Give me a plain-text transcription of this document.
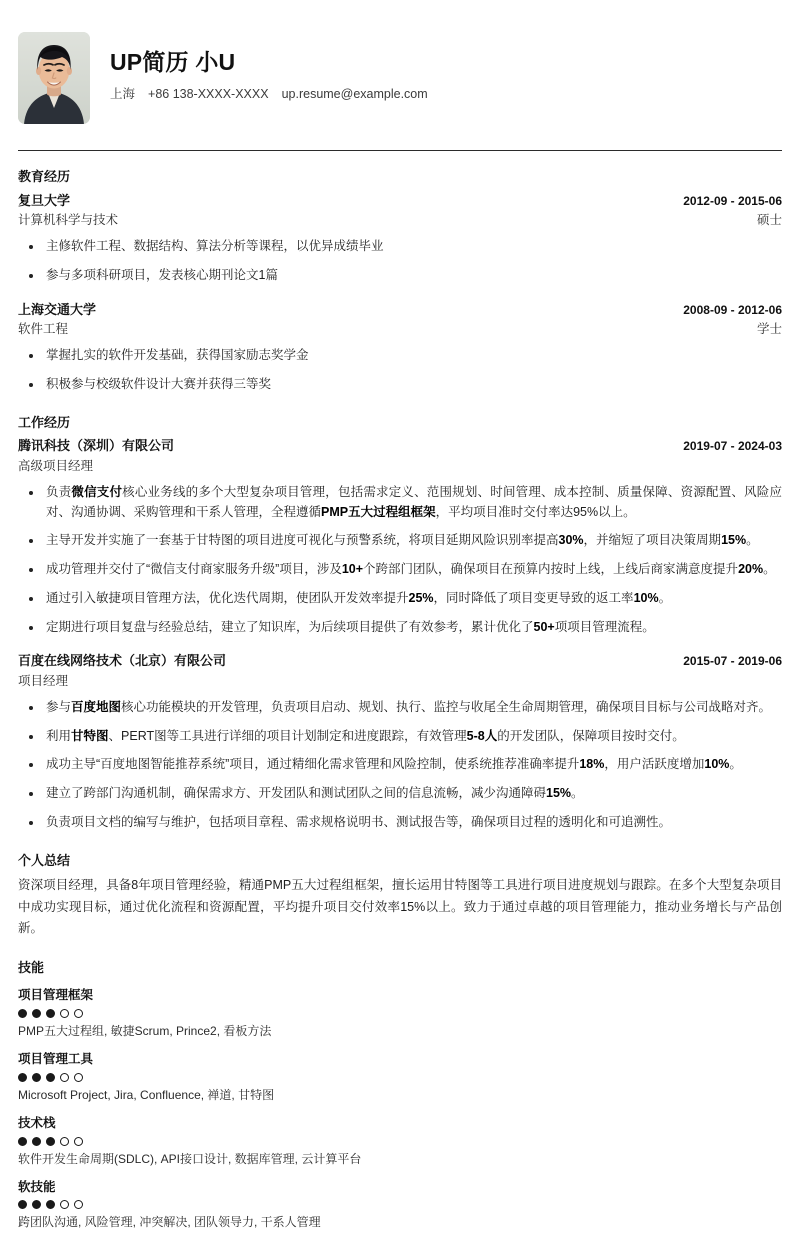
UP简历 小U
上海 +86 138-XXXX-XXXX up.resume@example.com
教育经历
复旦大学	2012-09 - 2015-06
计算机科学与技术	硕士
主修软件工程、数据结构、算法分析等课程，以优异成绩毕业
参与多项科研项目，发表核心期刊论文1篇
上海交通大学	2008-09 - 2012-06
软件工程	学士
掌握扎实的软件开发基础，获得国家励志奖学金
积极参与校级软件设计大赛并获得三等奖
工作经历
腾讯科技（深圳）有限公司	2019-07 - 2024-03
高级项目经理
负责微信支付核心业务线的多个大型复杂项目管理，包括需求定义、范围规划、时间管理、成本控制、质量保障、资源配置、风险应对、沟通协调、采购管理和干系人管理，全程遵循PMP五大过程组框架，平均项目准时交付率达95%以上。
主导开发并实施了一套基于甘特图的项目进度可视化与预警系统，将项目延期风险识别率提高30%，并缩短了项目决策周期15%。
成功管理并交付了“微信支付商家服务升级”项目，涉及10+个跨部门团队，确保项目在预算内按时上线，上线后商家满意度提升20%。
通过引入敏捷项目管理方法，优化迭代周期，使团队开发效率提升25%，同时降低了项目变更导致的返工率10%。
定期进行项目复盘与经验总结，建立了知识库，为后续项目提供了有效参考，累计优化了50+项项目管理流程。
百度在线网络技术（北京）有限公司	2015-07 - 2019-06
项目经理
参与百度地图核心功能模块的开发管理，负责项目启动、规划、执行、监控与收尾全生命周期管理，确保项目目标与公司战略对齐。
利用甘特图、PERT图等工具进行详细的项目计划制定和进度跟踪，有效管理5-8人的开发团队，保障项目按时交付。
成功主导“百度地图智能推荐系统”项目，通过精细化需求管理和风险控制，使系统推荐准确率提升18%，用户活跃度增加10%。
建立了跨部门沟通机制，确保需求方、开发团队和测试团队之间的信息流畅，减少沟通障碍15%。
负责项目文档的编写与维护，包括项目章程、需求规格说明书、测试报告等，确保项目过程的透明化和可追溯性。
个人总结
资深项目经理，具备8年项目管理经验，精通PMP五大过程组框架，擅长运用甘特图等工具进行项目进度规划与跟踪。在多个大型复杂项目中成功实现目标，通过优化流程和资源配置，平均提升项目交付效率15%以上。致力于通过卓越的项目管理能力，推动业务增长与产品创新。
技能
项目管理框架
PMP五大过程组, 敏捷Scrum, Prince2, 看板方法
项目管理工具
Microsoft Project, Jira, Confluence, 禅道, 甘特图
技术栈
软件开发生命周期(SDLC), API接口设计, 数据库管理, 云计算平台
软技能
跨团队沟通, 风险管理, 冲突解决, 团队领导力, 干系人管理
